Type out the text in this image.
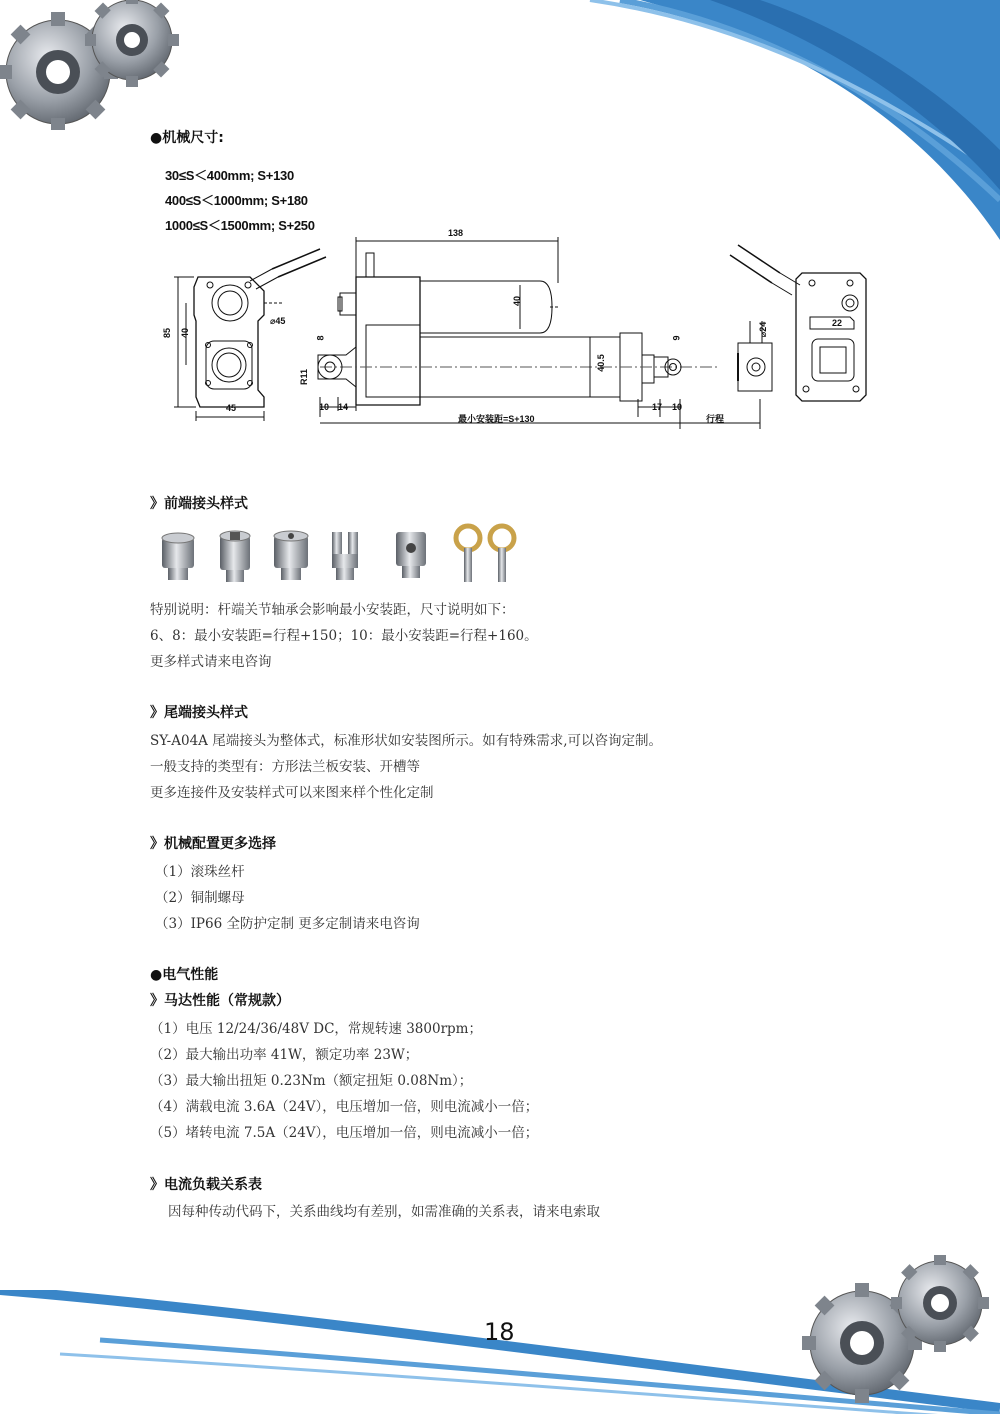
●机械尺寸:
30≤S＜400mm; S+130
400≤S＜1000mm; S+180
1000≤S＜1500mm; S+250	138
40
8	9
⌀24
40.5
85 40
⌀45
45
R11
10 14	17 10
22
最小安装距=S+130	行程
》前端接头样式
特别说明：杆端关节轴承会影响最小安装距，尺寸说明如下：
6、8：最小安装距=行程+150；10：最小安装距=行程+160。
更多样式请来电咨询
》尾端接头样式
SY-A04A 尾端接头为整体式，标准形状如安装图所示。如有特殊需求,可以咨询定制。
一般支持的类型有：方形法兰板安装、开槽等
更多连接件及安装样式可以来图来样个性化定制
》机械配置更多选择
（1）滚珠丝杆
（2）铜制螺母
（3）IP66 全防护定制 更多定制请来电咨询
●电气性能
》马达性能（常规款）
（1）电压 12/24/36/48V DC，常规转速 3800rpm；
（2）最大输出功率 41W，额定功率 23W；
（3）最大输出扭矩 0.23Nm（额定扭矩 0.08Nm）；
（4）满载电流 3.6A（24V），电压增加一倍，则电流减小一倍；
（5）堵转电流 7.5A（24V），电压增加一倍，则电流减小一倍；
》电流负载关系表
因每种传动代码下，关系曲线均有差别，如需准确的关系表，请来电索取
18
